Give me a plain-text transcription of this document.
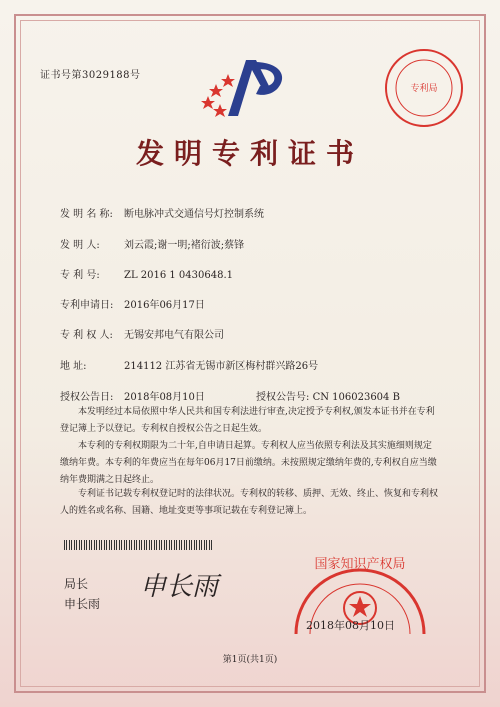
证书号第3029188号
专利局
发明专利证书
发 明 名 称: 断电脉冲式交通信号灯控制系统
发 明 人: 刘云霞;谢一明;褚衍波;蔡锋
专 利 号: ZL 2016 1 0430648.1
专利申请日: 2016年06月17日
专 利 权 人: 无锡安邦电气有限公司
地 址:	214112 江苏省无锡市新区梅村群兴路26号
授权公告日: 2018年08月10日	授权公告号: CN 106023604 B
本发明经过本局依照中华人民共和国专利法进行审查,决定授予专利权,颁发本证书并在专利登记簿上予以登记。专利权自授权公告之日起生效。
本专利的专利权期限为二十年,自申请日起算。专利权人应当依照专利法及其实施细则规定缴纳年费。本专利的年费应当在每年06月17日前缴纳。未按照规定缴纳年费的,专利权自应当缴纳年费期满之日起终止。
专利证书记载专利权登记时的法律状况。专利权的转移、质押、无效、终止、恢复和专利权人的姓名或名称、国籍、地址变更等事项记载在专利登记簿上。
局长
申长雨
申长雨
国家知识产权局
2018年08月10日
第1页(共1页)
